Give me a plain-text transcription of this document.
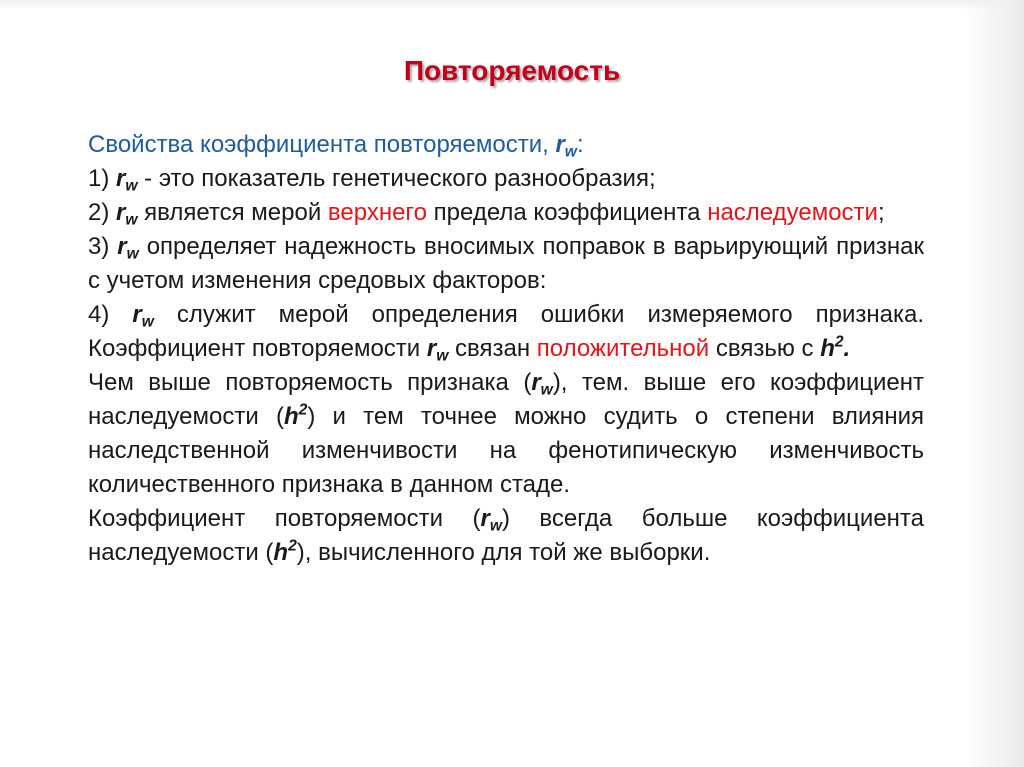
Повторяемость

Свойства коэффициента повторяемости, $r_w$:

1) $r_w$ - это показатель генетического разнообразия;

2) $r_w$ является мерой верхнего предела коэффициента наследуемости;

3) $r_w$ определяет надежность вносимых поправок в варьирующий признак с учетом изменения средовых факторов:

4) $r_w$ служит мерой определения ошибки измеряемого признака. Коэффициент повторяемости $r_w$ связан положительной связью с $h^2$.

Чем выше повторяемость признака $(r_w)$, тем. выше его коэффициент наследуемости $(h^2)$ и тем точнее можно судить о степени влияния наследственной изменчивости на фенотипическую изменчивость количественного признака в данном стаде.

Коэффициент повторяемости $(r_w)$ всегда больше коэффициента наследуемости $(h^2)$, вычисленного для той же выборки.
